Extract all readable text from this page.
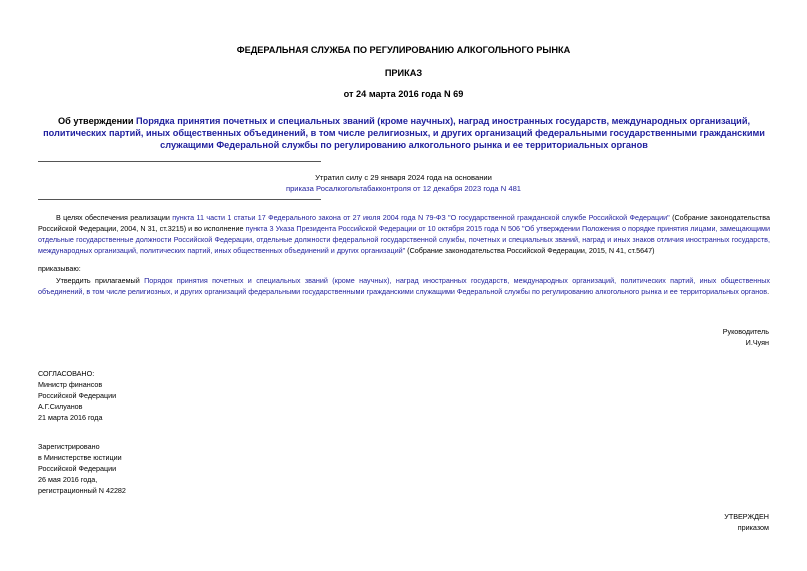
ФЕДЕРАЛЬНАЯ СЛУЖБА ПО РЕГУЛИРОВАНИЮ АЛКОГОЛЬНОГО РЫНКА
ПРИКАЗ
от 24 марта 2016 года N 69
Об утверждении Порядка принятия почетных и специальных званий (кроме научных), наград иностранных государств, международных организаций, политических партий, иных общественных объединений, в том числе религиозных, и других организаций федеральными государственными гражданскими служащими Федеральной службы по регулированию алкогольного рынка и ее территориальных органов
Утратил силу с 29 января 2024 года на основании
приказа Росалкогольтабакконтроля от 12 декабря 2023 года N 481
В целях обеспечения реализации пункта 11 части 1 статьи 17 Федерального закона от 27 июля 2004 года N 79-ФЗ "О государственной гражданской службе Российской Федерации" (Собрание законодательства Российской Федерации, 2004, N 31, ст.3215) и во исполнение пункта 3 Указа Президента Российской Федерации от 10 октября 2015 года N 506 "Об утверждении Положения о порядке принятия лицами, замещающими отдельные государственные должности Российской Федерации, отдельные должности федеральной государственной службы, почетных и специальных званий, наград и иных знаков отличия иностранных государств, международных организаций, политических партий, иных общественных объединений и других организаций" (Собрание законодательства Российской Федерации, 2015, N 41, ст.5647)
приказываю:
Утвердить прилагаемый Порядок принятия почетных и специальных званий (кроме научных), наград иностранных государств, международных организаций, политических партий, иных общественных объединений, в том числе религиозных, и других организаций федеральными государственными гражданскими служащими Федеральной службы по регулированию алкогольного рынка и ее территориальных органов.
Руководитель
И.Чуян
СОГЛАСОВАНО:
Министр финансов
Российской Федерации
А.Г.Силуанов
21 марта 2016 года
Зарегистрировано
в Министерстве юстиции
Российской Федерации
26 мая 2016 года,
регистрационный N 42282
УТВЕРЖДЕН
приказом
